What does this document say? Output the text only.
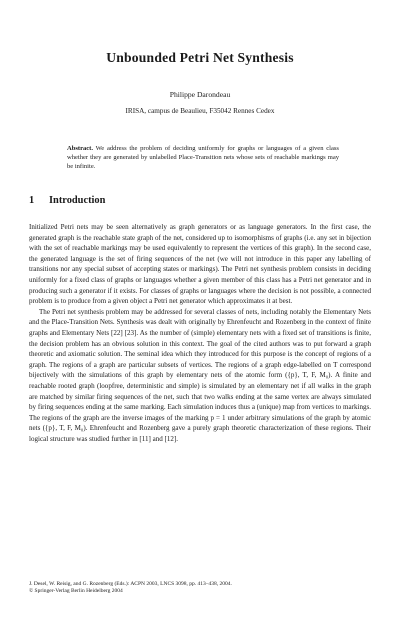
Unbounded Petri Net Synthesis
Philippe Darondeau
IRISA, campus de Beaulieu, F35042 Rennes Cedex
Abstract. We address the problem of deciding uniformly for graphs or languages of a given class whether they are generated by unlabelled Place-Transition nets whose sets of reachable markings may be infinite.
1 Introduction

Initialized Petri nets may be seen alternatively as graph generators or as language generators. In the first case, the generated graph is the reachable state graph of the net, considered up to isomorphisms of graphs (i.e. any set in bijection with the set of reachable markings may be used equivalently to represent the vertices of this graph). In the second case, the generated language is the set of firing sequences of the net (we will not introduce in this paper any labelling of transitions nor any special subset of accepting states or markings). The Petri net synthesis problem consists in deciding uniformly for a fixed class of graphs or languages whether a given member of this class has a Petri net generator and in producing such a generator if it exists. For classes of graphs or languages where the decision is not possible, a connected problem is to produce from a given object a Petri net generator which approximates it at best.

The Petri net synthesis problem may be addressed for several classes of nets, including notably the Elementary Nets and the Place-Transition Nets. Synthesis was dealt with originally by Ehrenfeucht and Rozenberg in the context of finite graphs and Elementary Nets [22] [23]. As the number of (simple) elementary nets with a fixed set of transitions is finite, the decision problem has an obvious solution in this context. The goal of the cited authors was to put forward a graph theoretic and axiomatic solution. The seminal idea which they introduced for this purpose is the concept of regions of a graph. The regions of a graph are particular subsets of vertices. The regions of a graph edge-labelled on T correspond bijectively with the simulations of this graph by elementary nets of the atomic form ({p}, T, F, M₀). A finite and reachable rooted graph (loopfree, deterministic and simple) is simulated by an elementary net if all walks in the graph are matched by similar firing sequences of the net, such that two walks ending at the same vertex are always simulated by firing sequences ending at the same marking. Each simulation induces thus a (unique) map from vertices to markings. The regions of the graph are the inverse images of the marking p = 1 under arbitrary simulations of the graph by atomic nets ({p}, T, F, M₀). Ehrenfeucht and Rozenberg gave a purely graph theoretic characterization of these regions. Their logical structure was studied further in [11] and [12].

J. Desel, W. Reisig, and G. Rozenberg (Eds.): ACPN 2003, LNCS 3098, pp. 413–438, 2004.
© Springer-Verlag Berlin Heidelberg 2004
